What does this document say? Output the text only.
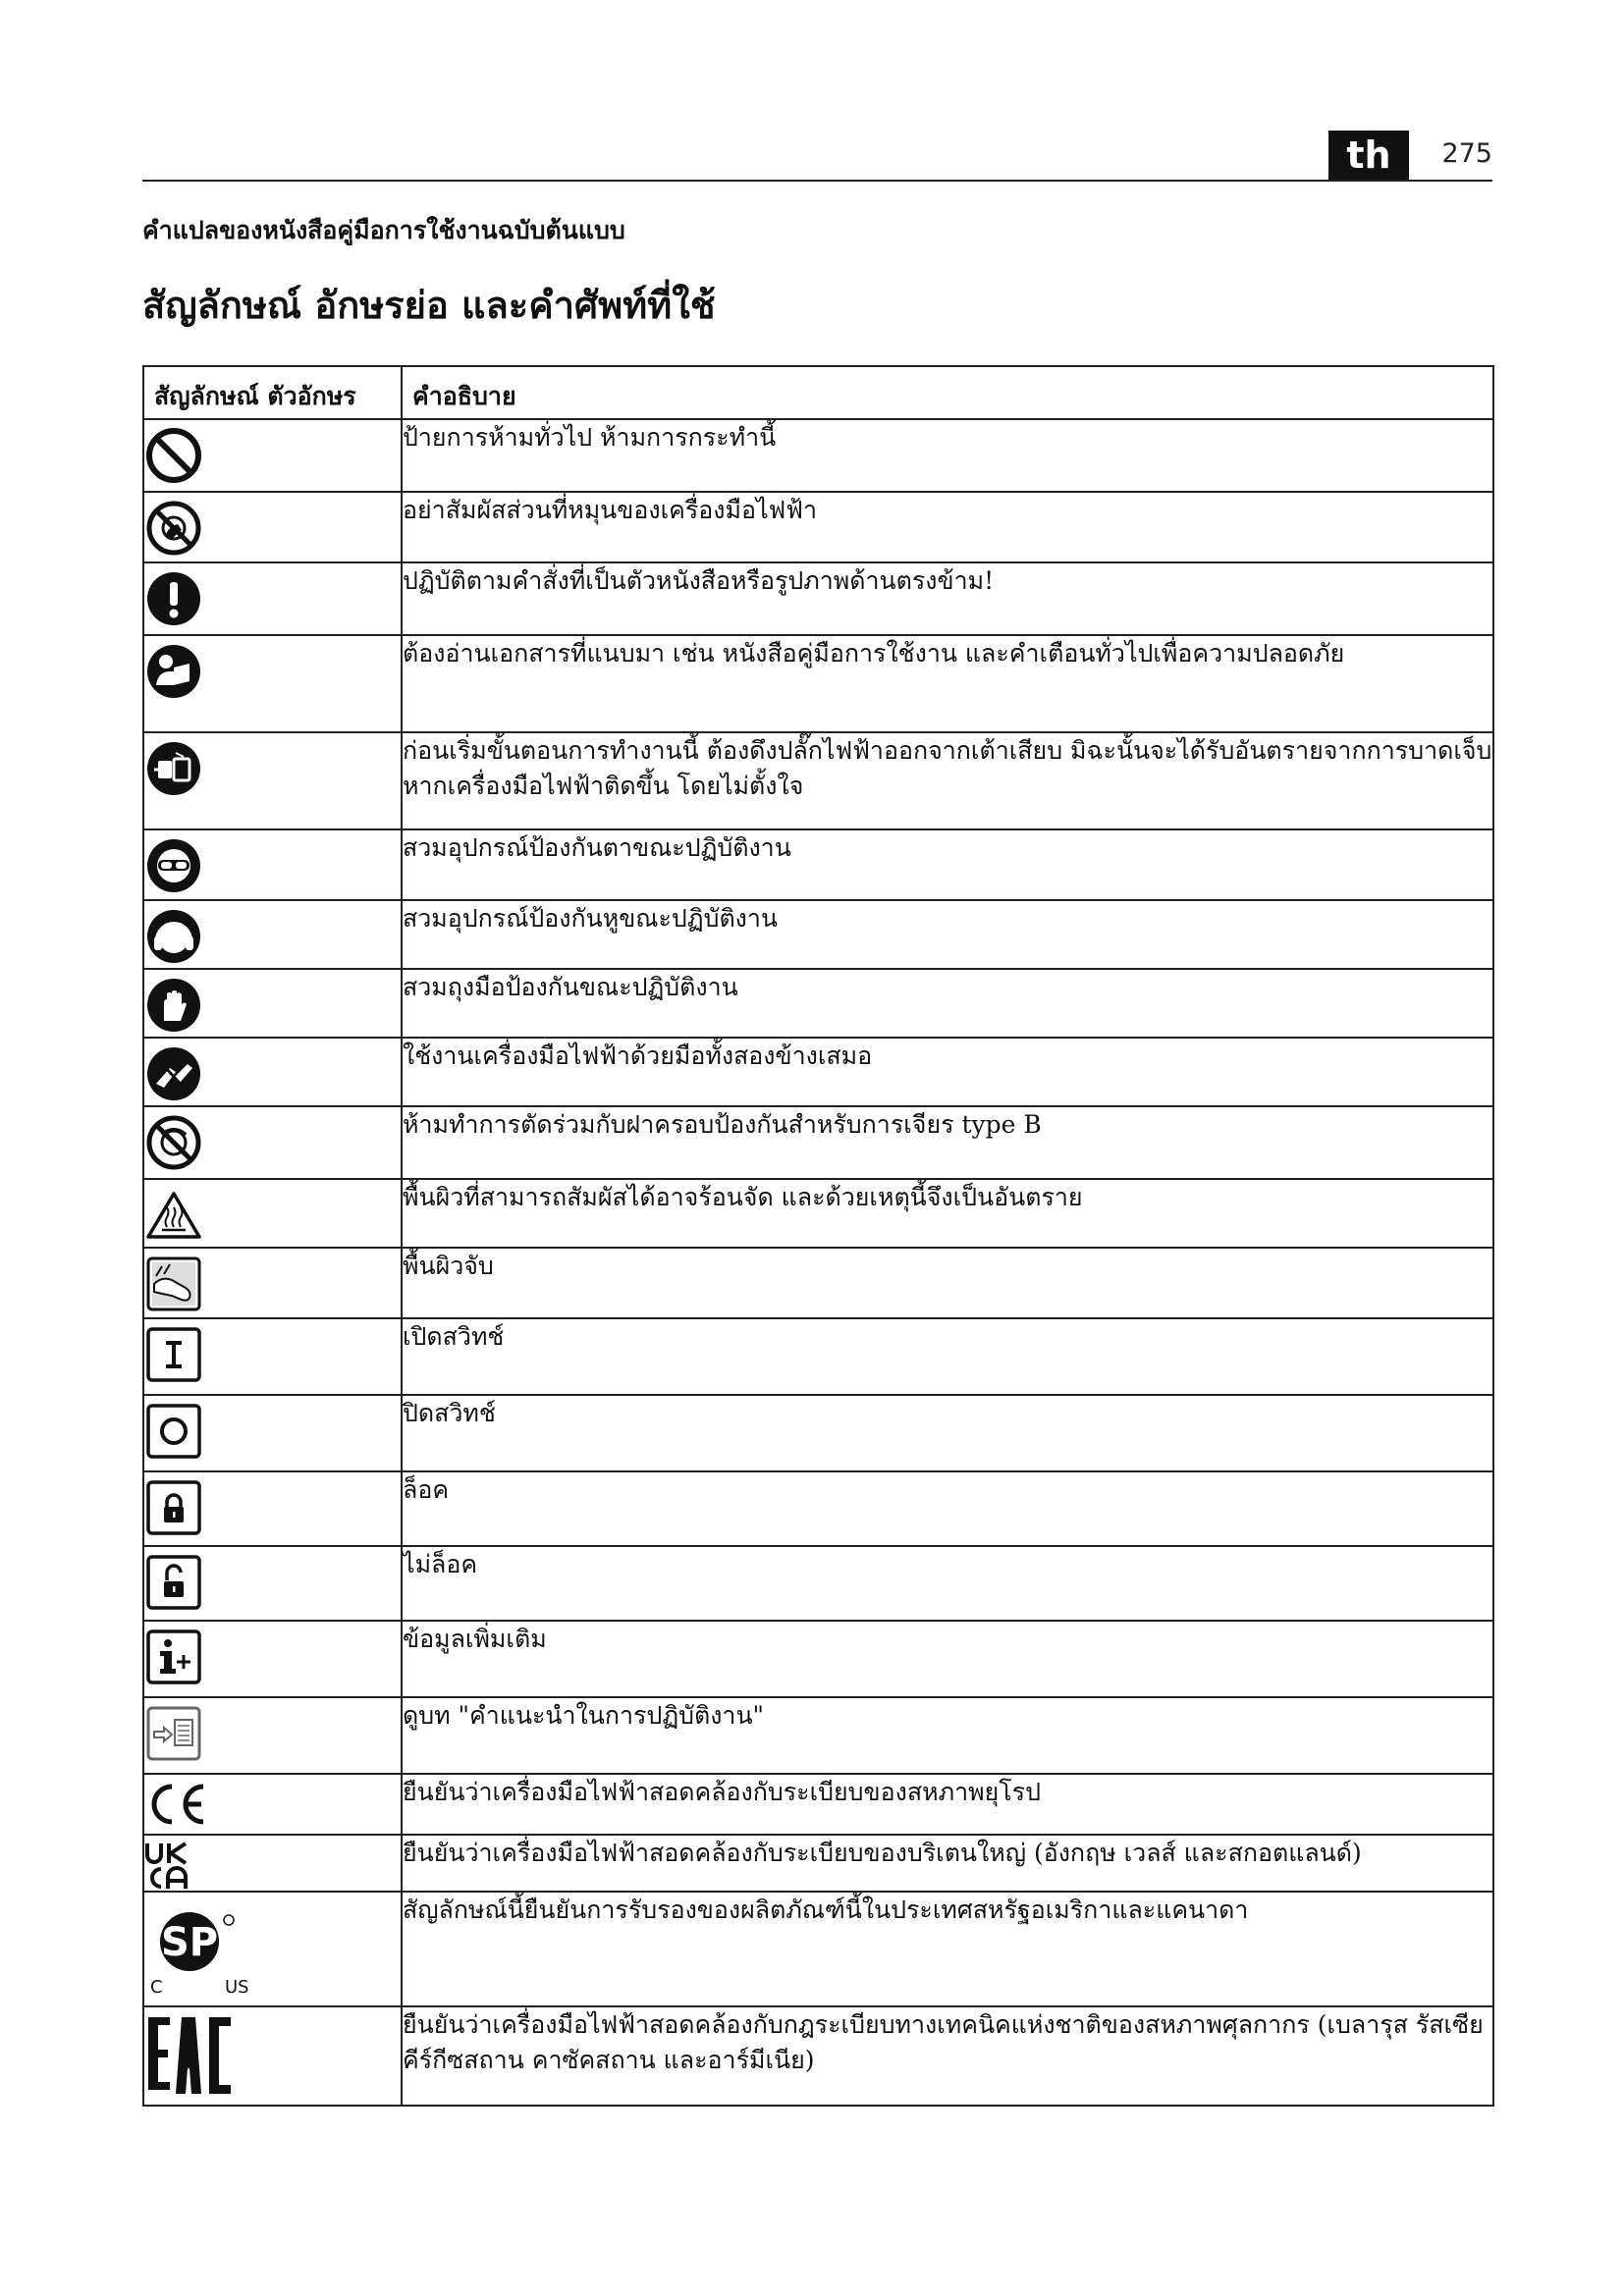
th	275
คำแปลของหนังสือคู่มือการใช้งานฉบับต้นแบบ
สัญลักษณ์ อักษรย่อ และคำศัพท์ที่ใช้
สัญลักษณ์ ตัวอักษร	คำอธิบาย

	ป้ายการห้ามทั่วไป ห้ามการกระทำนี้

	อย่าสัมผัสส่วนที่หมุนของเครื่องมือไฟฟ้า

	ปฏิบัติตามคำสั่งที่เป็นตัวหนังสือหรือรูปภาพด้านตรงข้าม!

	ต้องอ่านเอกสารที่แนบมา เช่น หนังสือคู่มือการใช้งาน และคำเตือนทั่วไปเพื่อความปลอดภัย

	ก่อนเริ่มขั้นตอนการทำงานนี้ ต้องดึงปลั๊กไฟฟ้าออกจากเต้าเสียบ มิฉะนั้นจะได้รับอันตรายจากการบาดเจ็บหากเครื่องมือไฟฟ้าติดขึ้น โดยไม่ตั้งใจ

	สวมอุปกรณ์ป้องกันตาขณะปฏิบัติงาน

	สวมอุปกรณ์ป้องกันหูขณะปฏิบัติงาน

	สวมถุงมือป้องกันขณะปฏิบัติงาน

	ใช้งานเครื่องมือไฟฟ้าด้วยมือทั้งสองข้างเสมอ

	ห้ามทำการตัดร่วมกับฝาครอบป้องกันสำหรับการเจียร type B

	พื้นผิวที่สามารถสัมผัสได้อาจร้อนจัด และด้วยเหตุนี้จึงเป็นอันตราย

	พื้นผิวจับ

	เปิดสวิทช์

	ปิดสวิทช์

	ล็อค

	ไม่ล็อค

	ข้อมูลเพิ่มเติม

	ดูบท "คำแนะนำในการปฏิบัติงาน"

	ยืนยันว่าเครื่องมือไฟฟ้าสอดคล้องกับระเบียบของสหภาพยุโรป

	ยืนยันว่าเครื่องมือไฟฟ้าสอดคล้องกับระเบียบของบริเตนใหญ่ (อังกฤษ เวลส์ และสกอตแลนด์)

SP
C US	สัญลักษณ์นี้ยืนยันการรับรองของผลิตภัณฑ์นี้ในประเทศสหรัฐอเมริกาและแคนาดา

	ยืนยันว่าเครื่องมือไฟฟ้าสอดคล้องกับกฎระเบียบทางเทคนิคแห่งชาติของสหภาพศุลกากร (เบลารุส รัสเซีย คีร์กีซสถาน คาซัคสถาน และอาร์มีเนีย)
